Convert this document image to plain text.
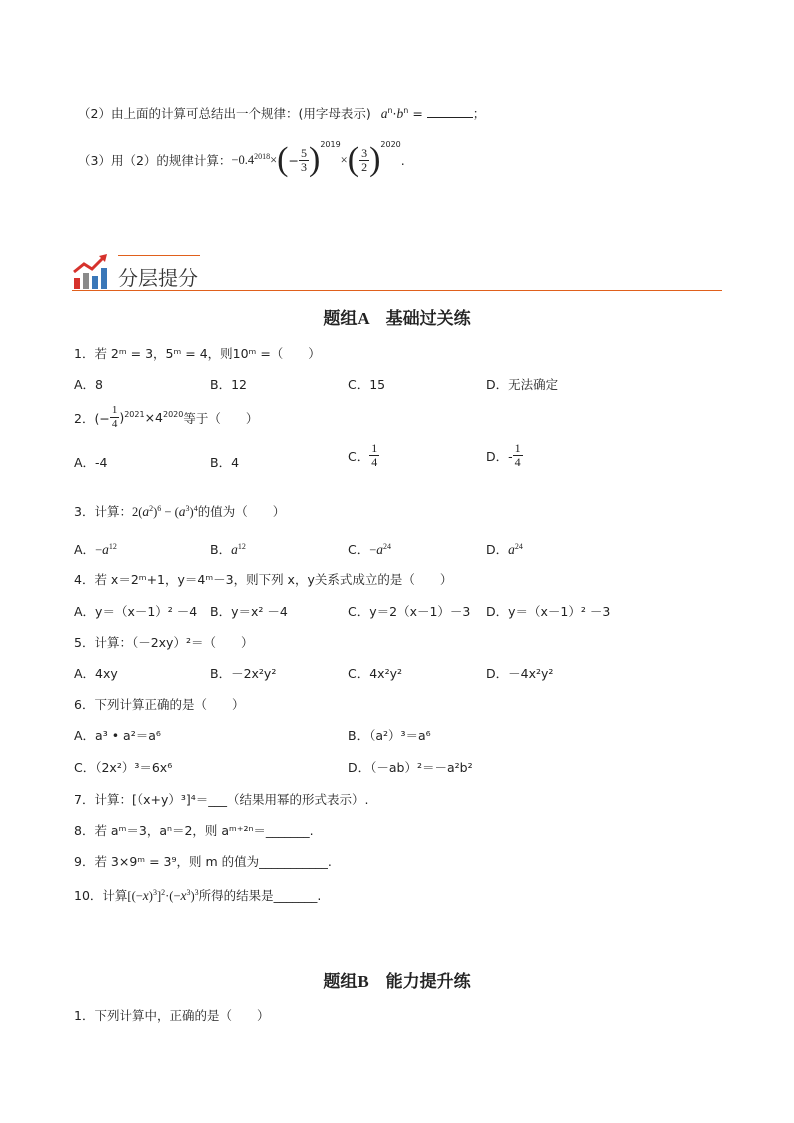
（2）由上面的计算可总结出一个规律：(用字母表示) $a^n\cdot b^n$ =	；
（3）用（2）的规律计算： $-0.4^{2018}\times$ ( − $\frac{5}{3} )^{2019}$
× ( $\frac{3}{2} )^{2020}$
.
分层提分
题组A　基础过关练
1．若 2ᵐ = 3，5ᵐ = 4，则10ᵐ =（　　）
A．8	B．12	C．15	D．无法确定
2．(− $\frac{1}{4} )^{2021}\times 4^{2020}$ 等于（　　）
A．-4	B．4	C． $\frac{1}{4}$	D．- $\frac{1}{4}$
3．计算：$2(a^2)^6 - (a^3)^4$的值为（　　）
A．$-a^{12}$	B．$a^{12}$	C．$-a^{24}$	D．$a^{24}$
4．若 x＝2ᵐ+1，y＝4ᵐ－3，则下列 x，y关系式成立的是（　　）
A．y＝（x－1）² －4 B．y＝x² －4	C．y＝2（x－1）－3 D．y＝（x－1）² －3
5．计算：（－2xy）²＝（　　）
A．4xy	B．－2x²y²	C．4x²y²	D．－4x²y²
6．下列计算正确的是（　　）
A．a³ • a²＝a⁶	B．（a²）³＝a⁶
C．（2x²）³＝6x⁶	D．（－ab）²＝－a²b²
7．计算：[（x+y）³]⁴＝___（结果用幂的形式表示）.
8．若 aᵐ＝3，aⁿ＝2，则 aᵐ⁺²ⁿ＝_______.
9．若 3×9ᵐ = 3⁹，则 m 的值为___________.
10．计算$[(-x)^3]^2\cdot(-x^3)^3$所得的结果是_______.
题组B　能力提升练
1．下列计算中，正确的是（　　）
